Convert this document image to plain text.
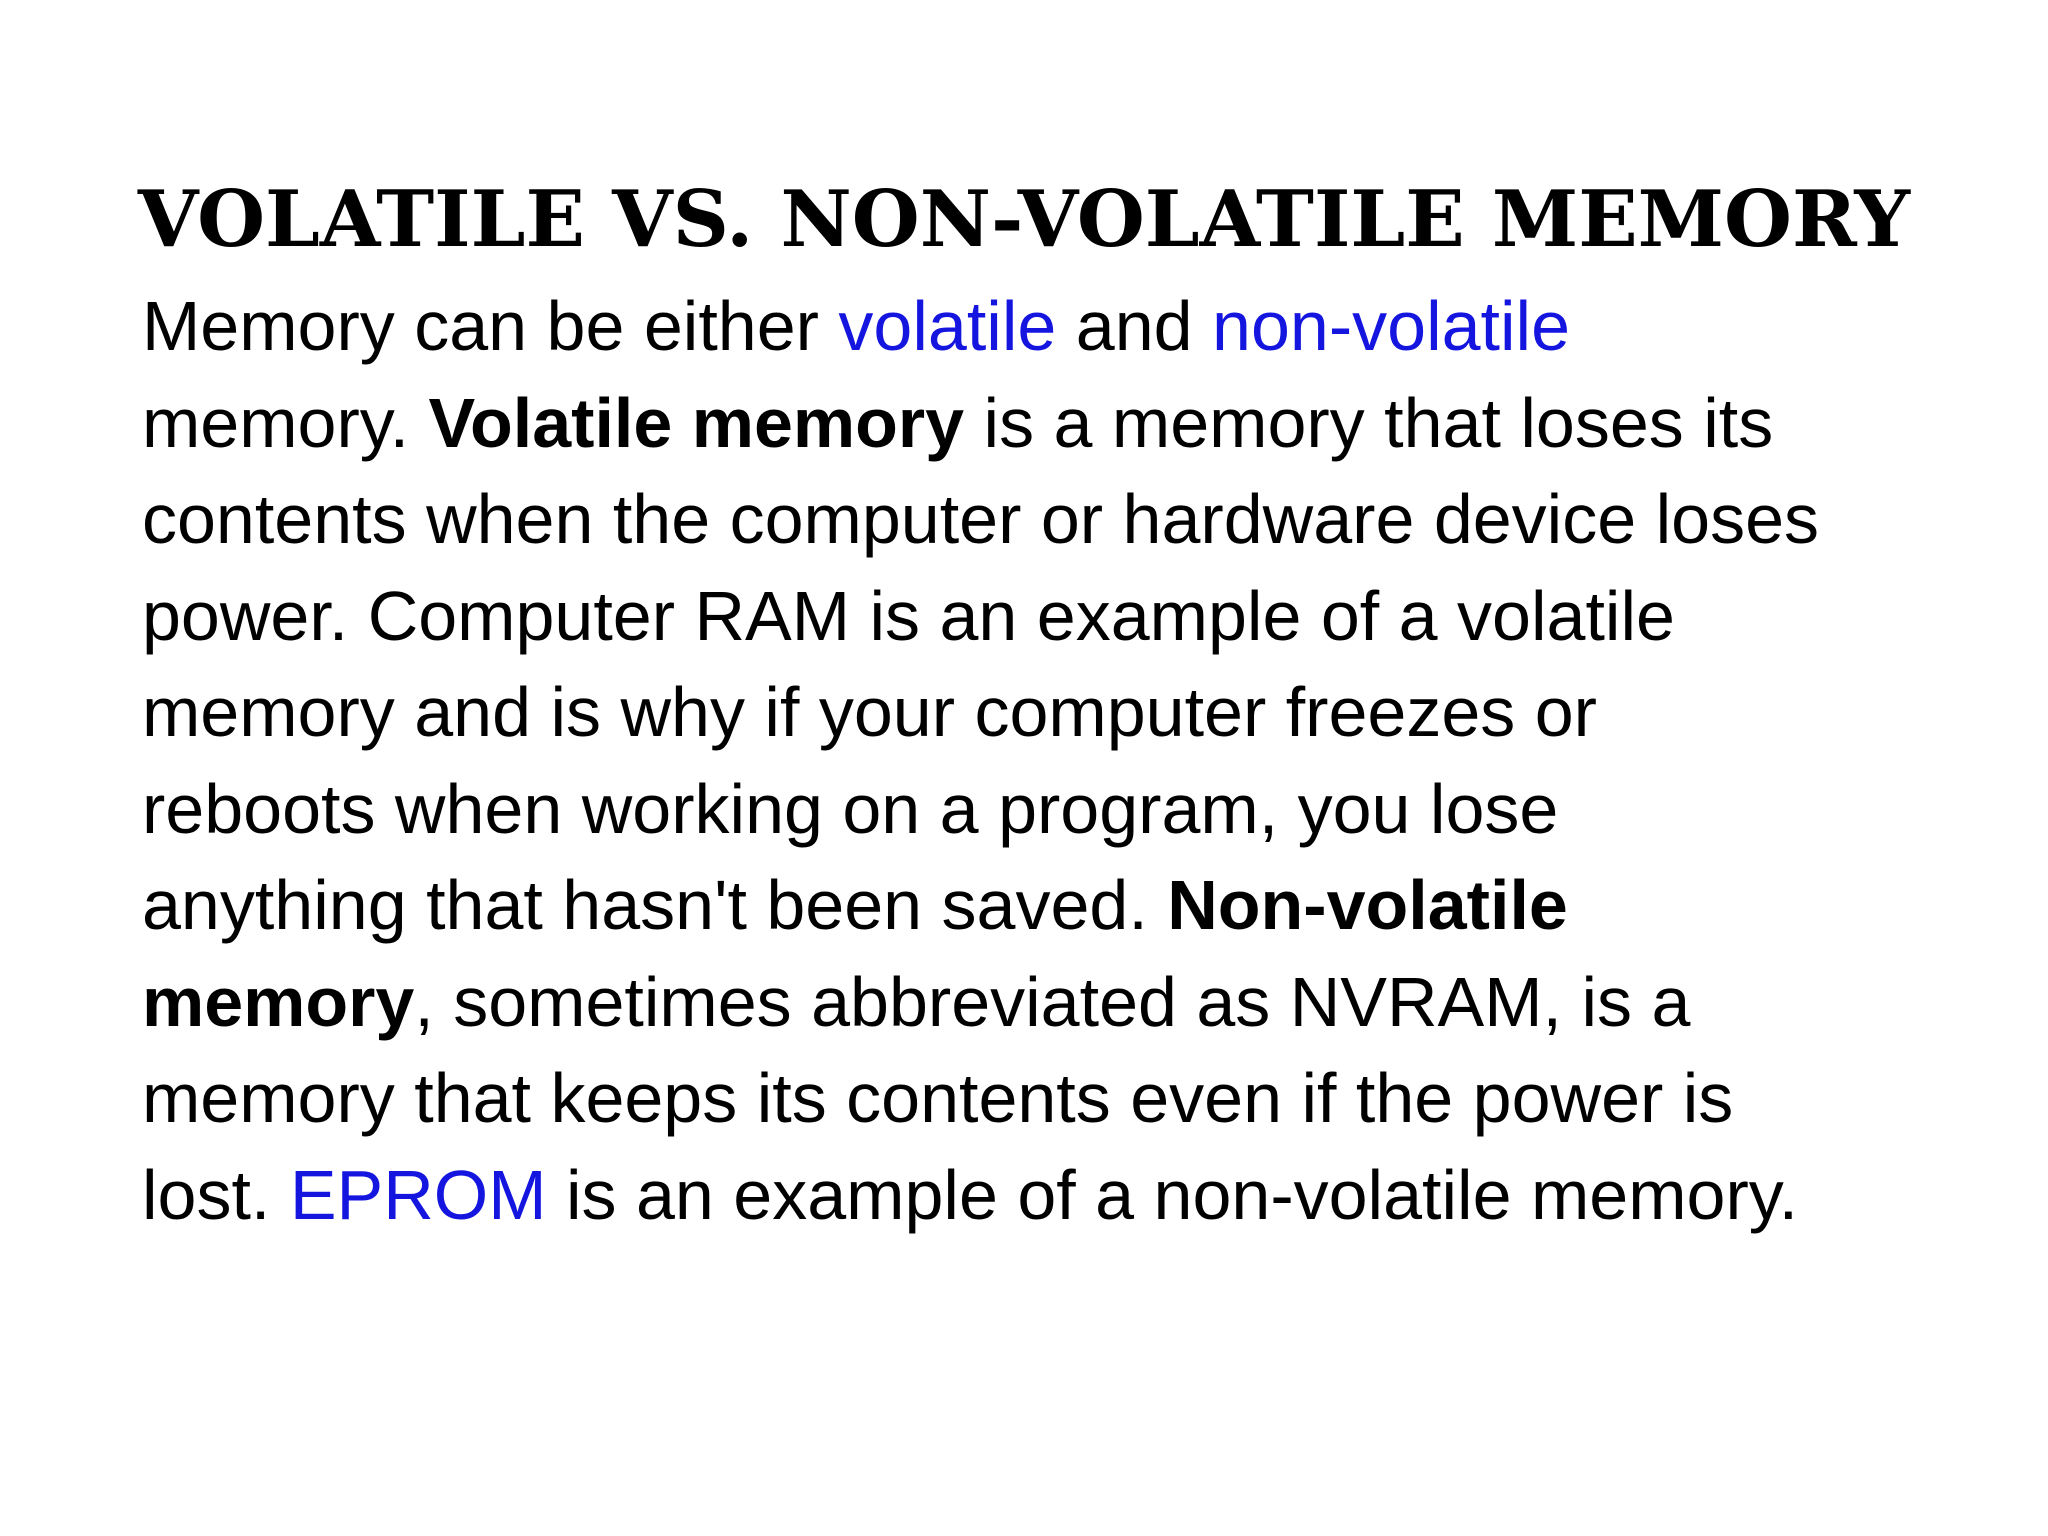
VOLATILE VS. NON-VOLATILE MEMORY
Memory can be either volatile and non-volatile
memory. Volatile memory is a memory that loses its
contents when the computer or hardware device loses
power. Computer RAM is an example of a volatile
memory and is why if your computer freezes or
reboots when working on a program, you lose
anything that hasn't been saved. Non-volatile
memory, sometimes abbreviated as NVRAM, is a
memory that keeps its contents even if the power is
lost. EPROM is an example of a non-volatile memory.
